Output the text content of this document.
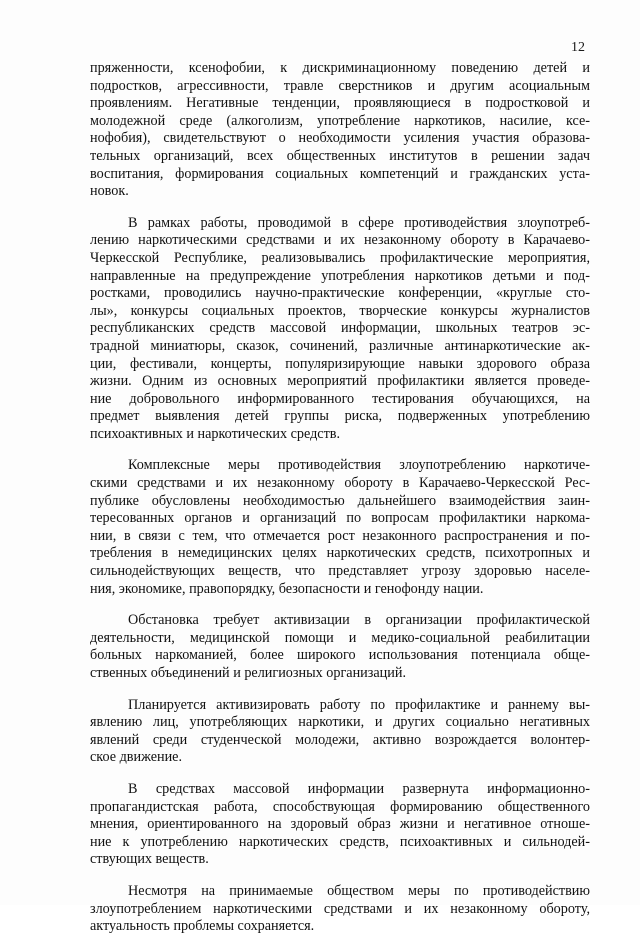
12
пряженности, ксенофобии, к дискриминационному поведению детей и
подростков, агрессивности, травле сверстников и другим асоциальным
проявлениям. Негативные тенденции, проявляющиеся в подростковой и
молодежной среде (алкоголизм, употребление наркотиков, насилие, ксе-
нофобия), свидетельствуют о необходимости усиления участия образова-
тельных организаций, всех общественных институтов в решении задач
воспитания, формирования социальных компетенций и гражданских уста-
новок.
В рамках работы, проводимой в сфере противодействия злоупотреб-
лению наркотическими средствами и их незаконному обороту в Карачаево-
Черкесской Республике, реализовывались профилактические мероприятия,
направленные на предупреждение употребления наркотиков детьми и под-
ростками, проводились научно-практические конференции, «круглые сто-
лы», конкурсы социальных проектов, творческие конкурсы журналистов
республиканских средств массовой информации, школьных театров эс-
традной миниатюры, сказок, сочинений, различные антинаркотические ак-
ции, фестивали, концерты, популяризирующие навыки здорового образа
жизни. Одним из основных мероприятий профилактики является проведе-
ние добровольного информированного тестирования обучающихся, на
предмет выявления детей группы риска, подверженных употреблению
психоактивных и наркотических средств.
Комплексные меры противодействия злоупотреблению наркотиче-
скими средствами и их незаконному обороту в Карачаево-Черкесской Рес-
публике обусловлены необходимостью дальнейшего взаимодействия заин-
тересованных органов и организаций по вопросам профилактики наркома-
нии, в связи с тем, что отмечается рост незаконного распространения и по-
требления в немедицинских целях наркотических средств, психотропных и
сильнодействующих веществ, что представляет угрозу здоровью населе-
ния, экономике, правопорядку, безопасности и генофонду нации.
Обстановка требует активизации в организации профилактической
деятельности, медицинской помощи и медико-социальной реабилитации
больных наркоманией, более широкого использования потенциала обще-
ственных объединений и религиозных организаций.
Планируется активизировать работу по профилактике и раннему вы-
явлению лиц, употребляющих наркотики, и других социально негативных
явлений среди студенческой молодежи, активно возрождается волонтер-
ское движение.
В средствах массовой информации развернута информационно-
пропагандистская работа, способствующая формированию общественного
мнения, ориентированного на здоровый образ жизни и негативное отноше-
ние к употреблению наркотических средств, психоактивных и сильнодей-
ствующих веществ.
Несмотря на принимаемые обществом меры по противодействию
злоупотреблением наркотическими средствами и их незаконному обороту,
актуальность проблемы сохраняется.
